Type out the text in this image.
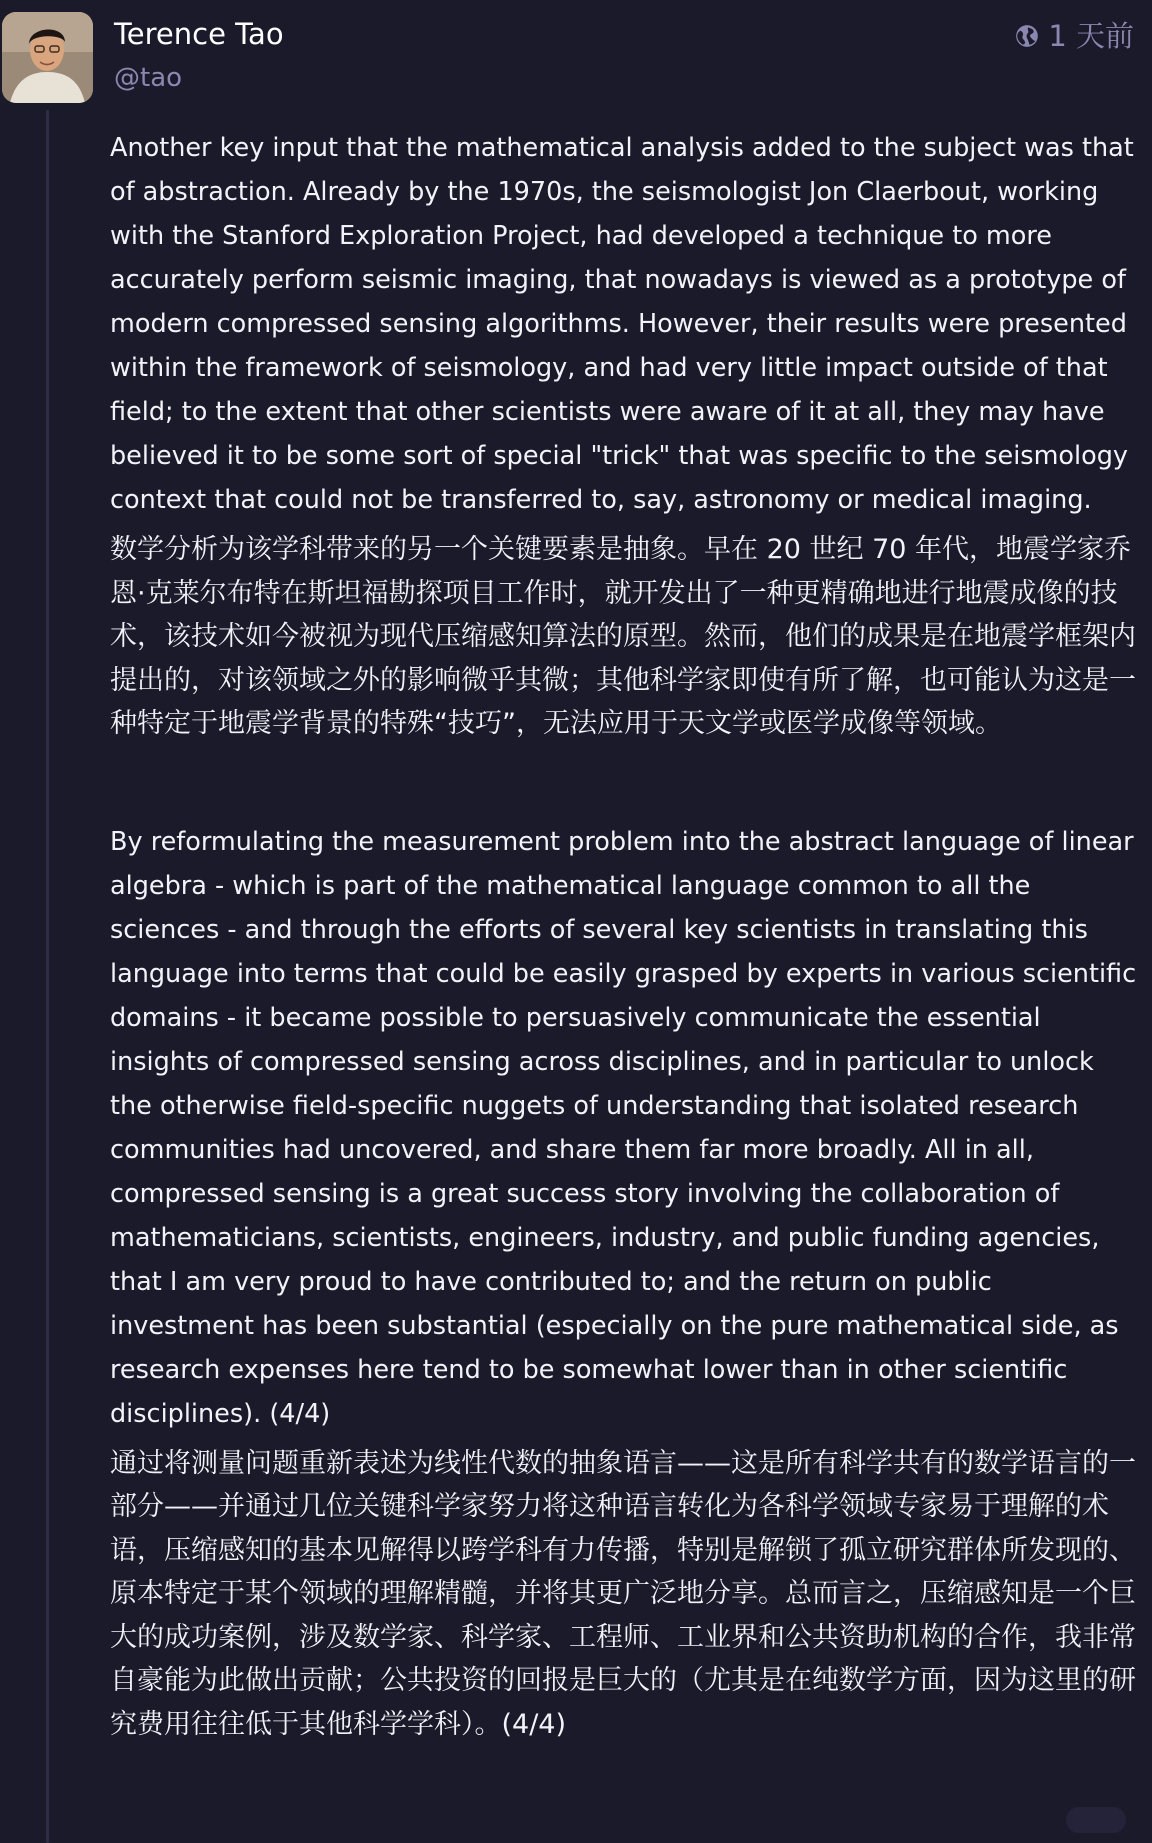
Terence Tao
@tao
1 天前

Another key input that the mathematical analysis added to the subject was that of abstraction. Already by the 1970s, the seismologist Jon Claerbout, working with the Stanford Exploration Project, had developed a technique to more accurately perform seismic imaging, that nowadays is viewed as a prototype of modern compressed sensing algorithms. However, their results were presented within the framework of seismology, and had very little impact outside of that field; to the extent that other scientists were aware of it at all, they may have believed it to be some sort of special "trick" that was specific to the seismology context that could not be transferred to, say, astronomy or medical imaging.

数学分析为该学科带来的另一个关键要素是抽象。早在 20 世纪 70 年代，地震学家乔恩·克莱尔布特在斯坦福勘探项目工作时，就开发出了一种更精确地进行地震成像的技术，该技术如今被视为现代压缩感知算法的原型。然而，他们的成果是在地震学框架内提出的，对该领域之外的影响微乎其微；其他科学家即使有所了解，也可能认为这是一种特定于地震学背景的特殊“技巧”，无法应用于天文学或医学成像等领域。

By reformulating the measurement problem into the abstract language of linear algebra - which is part of the mathematical language common to all the sciences - and through the efforts of several key scientists in translating this language into terms that could be easily grasped by experts in various scientific domains - it became possible to persuasively communicate the essential insights of compressed sensing across disciplines, and in particular to unlock the otherwise field-specific nuggets of understanding that isolated research communities had uncovered, and share them far more broadly. All in all, compressed sensing is a great success story involving the collaboration of mathematicians, scientists, engineers, industry, and public funding agencies, that I am very proud to have contributed to; and the return on public investment has been substantial (especially on the pure mathematical side, as research expenses here tend to be somewhat lower than in other scientific disciplines). (4/4)

通过将测量问题重新表述为线性代数的抽象语言——这是所有科学共有的数学语言的一部分——并通过几位关键科学家努力将这种语言转化为各科学领域专家易于理解的术语，压缩感知的基本见解得以跨学科有力传播，特别是解锁了孤立研究群体所发现的、原本特定于某个领域的理解精髓，并将其更广泛地分享。总而言之，压缩感知是一个巨大的成功案例，涉及数学家、科学家、工程师、工业界和公共资助机构的合作，我非常自豪能为此做出贡献；公共投资的回报是巨大的（尤其是在纯数学方面，因为这里的研究费用往往低于其他科学学科）。(4/4)
